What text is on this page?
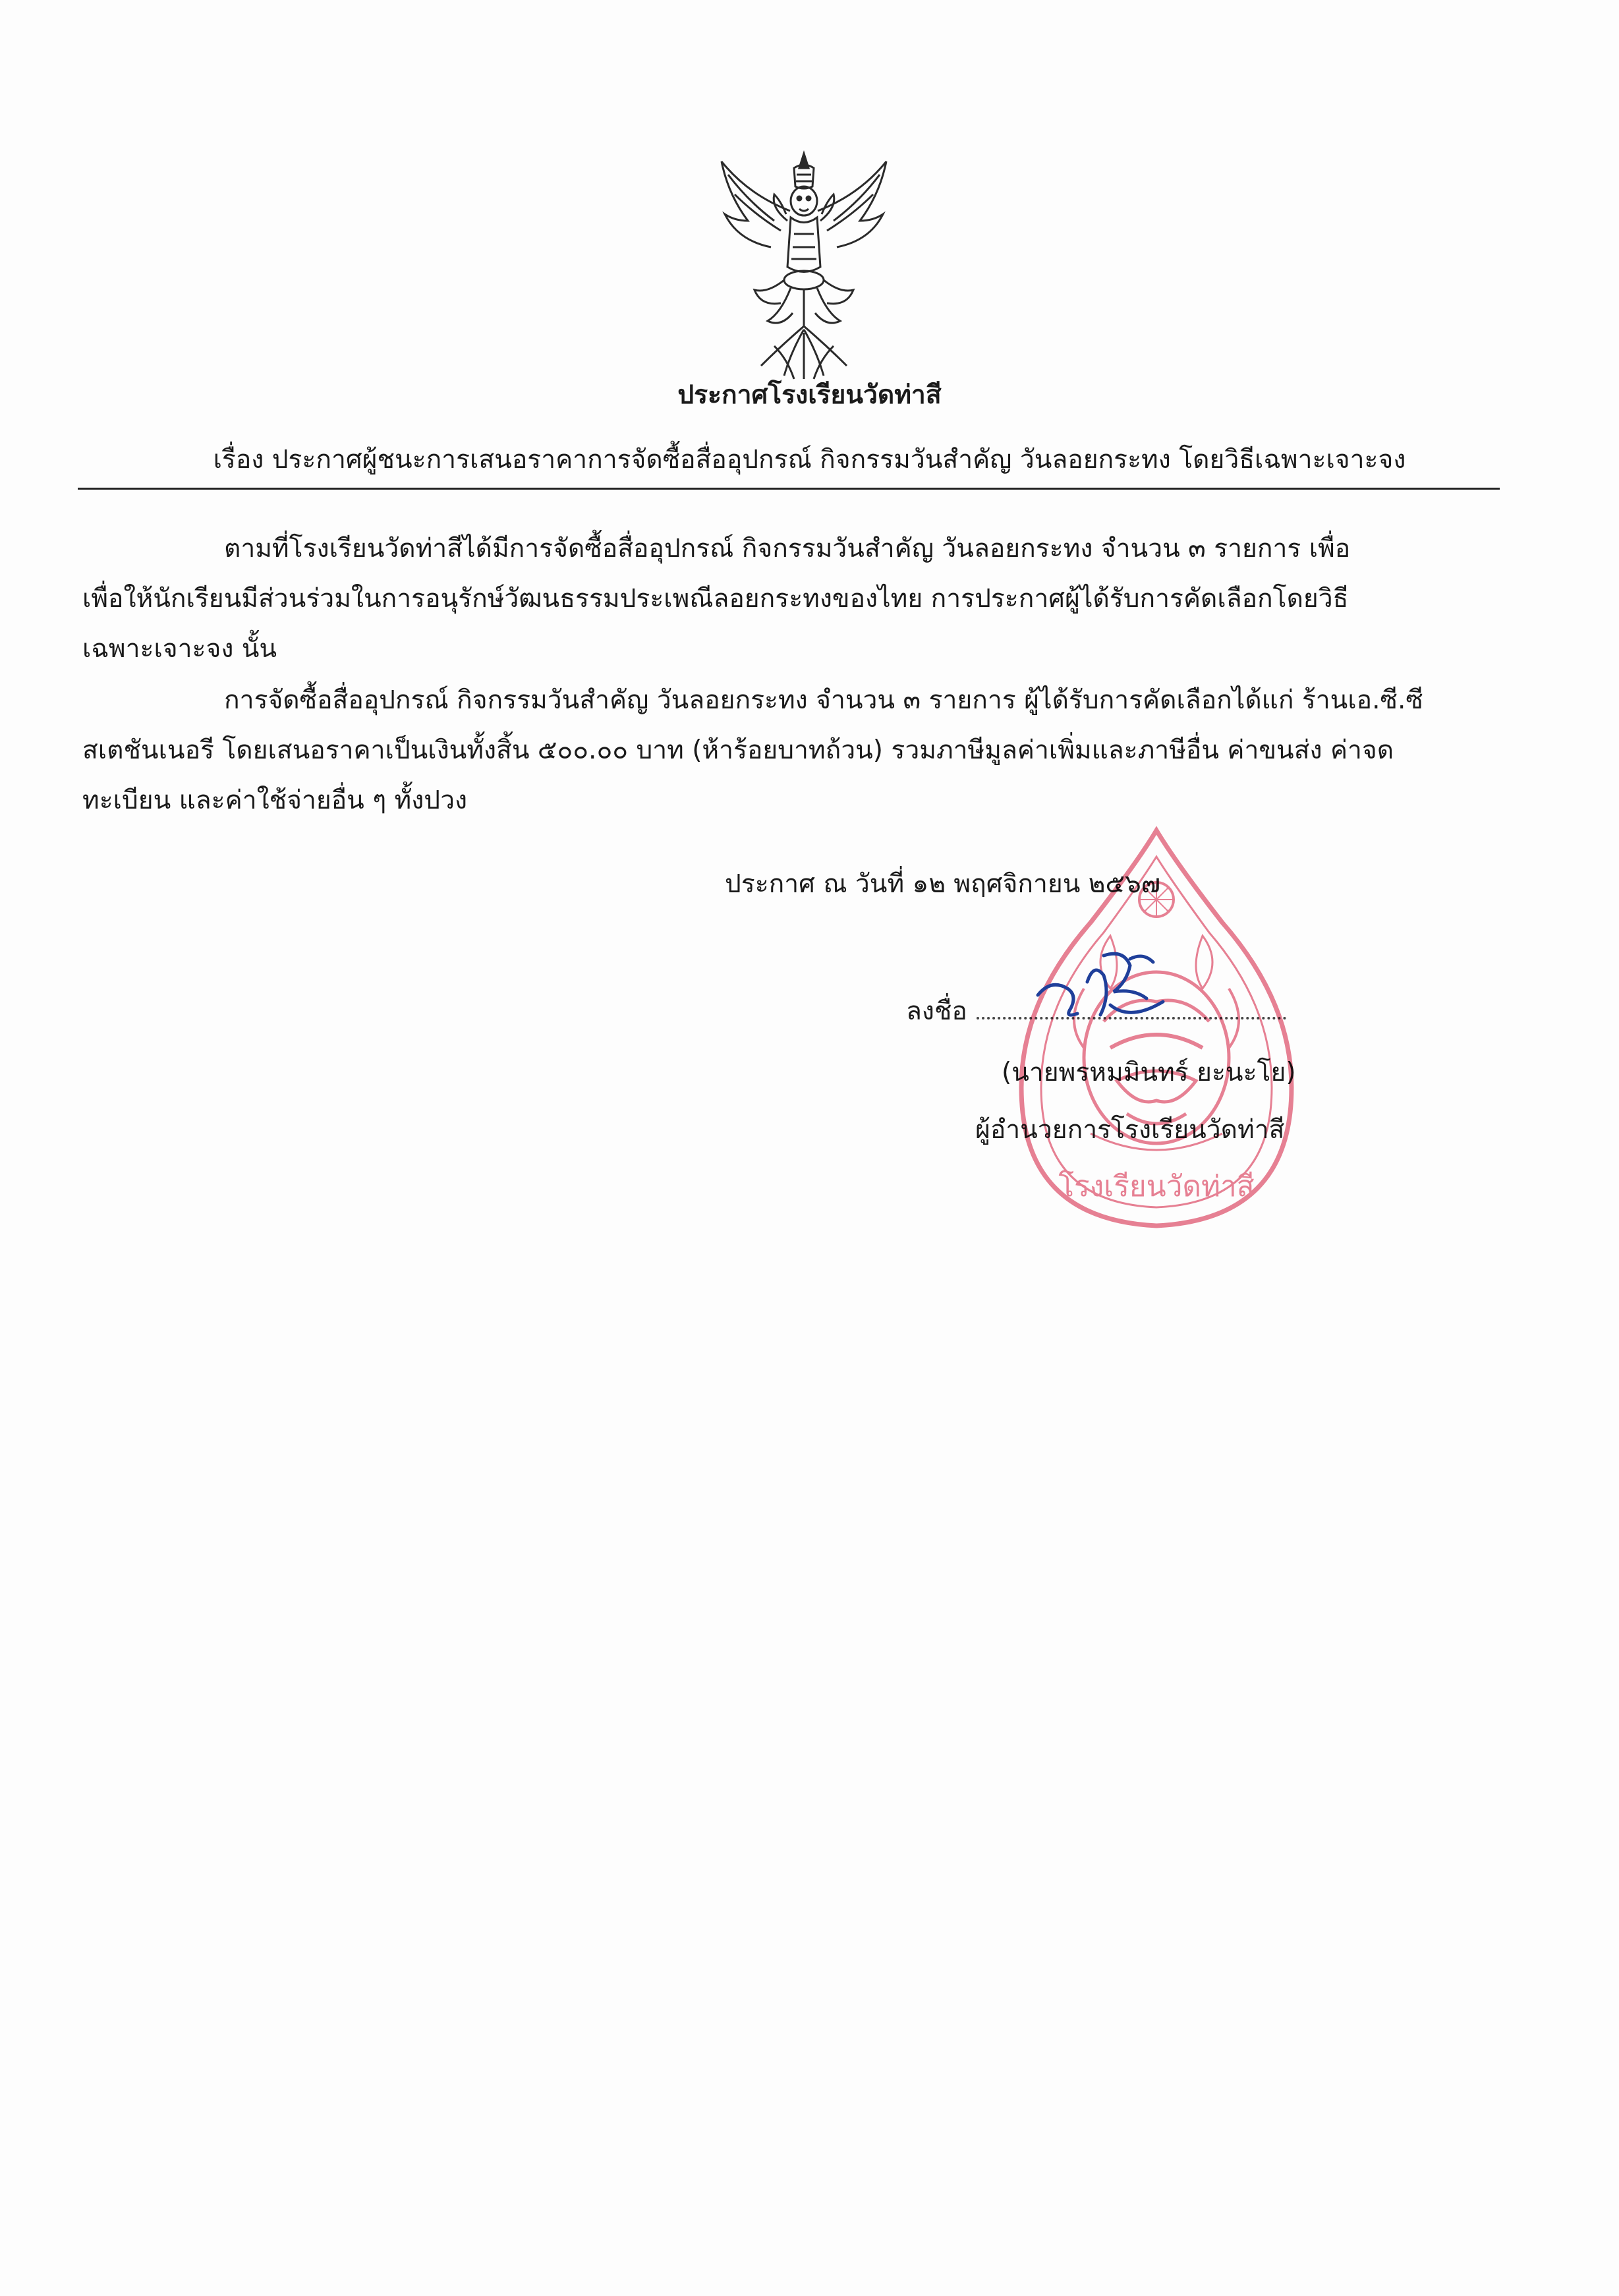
ประกาศโรงเรียนวัดท่าสี
เรื่อง ประกาศผู้ชนะการเสนอราคาการจัดซื้อสื่ออุปกรณ์ กิจกรรมวันสำคัญ วันลอยกระทง โดยวิธีเฉพาะเจาะจง
ตามที่โรงเรียนวัดท่าสีได้มีการจัดซื้อสื่ออุปกรณ์ กิจกรรมวันสำคัญ วันลอยกระทง จำนวน ๓ รายการ เพื่อ
เพื่อให้นักเรียนมีส่วนร่วมในการอนุรักษ์วัฒนธรรมประเพณีลอยกระทงของไทย การประกาศผู้ได้รับการคัดเลือกโดยวิธี
เฉพาะเจาะจง นั้น
การจัดซื้อสื่ออุปกรณ์ กิจกรรมวันสำคัญ วันลอยกระทง จำนวน ๓ รายการ ผู้ได้รับการคัดเลือกได้แก่ ร้านเอ.ซี.ซี
สเตชันเนอรี โดยเสนอราคาเป็นเงินทั้งสิ้น ๕๐๐.๐๐ บาท (ห้าร้อยบาทถ้วน) รวมภาษีมูลค่าเพิ่มและภาษีอื่น ค่าขนส่ง ค่าจด
ทะเบียน และค่าใช้จ่ายอื่น ๆ ทั้งปวง
ประกาศ ณ วันที่ ๑๒ พฤศจิกายน ๒๕๖๗
ลงชื่อ
(นายพรหมมินทร์ ยะนะโย)
ผู้อำนวยการโรงเรียนวัดท่าสี
โรงเรียนวัดท่าสี
